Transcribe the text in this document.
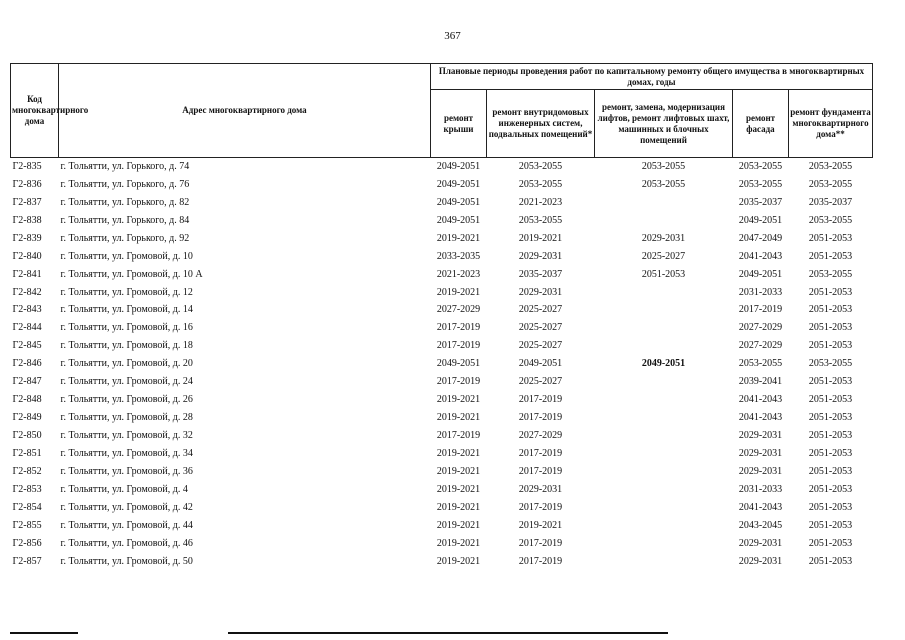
367
Код многоквартирного дома	Адрес многоквартирного дома	Плановые периоды проведения работ по капитальному ремонту общего имущества в многоквартирных домах, годы				
		ремонт крыши	ремонт внутридомовых инженерных систем, подвальных помещений*	ремонт, замена, модернизация лифтов, ремонт лифтовых шахт, машинных и блочных помещений	ремонт фасада	ремонт фундамента многоквартирного дома**
Г2-835	г. Тольятти, ул. Горького, д. 74	2049-2051	2053-2055	2053-2055	2053-2055	2053-2055
Г2-836	г. Тольятти, ул. Горького, д. 76	2049-2051	2053-2055	2053-2055	2053-2055	2053-2055
Г2-837	г. Тольятти, ул. Горького, д. 82	2049-2051	2021-2023		2035-2037	2035-2037
Г2-838	г. Тольятти, ул. Горького, д. 84	2049-2051	2053-2055		2049-2051	2053-2055
Г2-839	г. Тольятти, ул. Горького, д. 92	2019-2021	2019-2021	2029-2031	2047-2049	2051-2053
Г2-840	г. Тольятти, ул. Громовой, д. 10	2033-2035	2029-2031	2025-2027	2041-2043	2051-2053
Г2-841	г. Тольятти, ул. Громовой, д. 10 А	2021-2023	2035-2037	2051-2053	2049-2051	2053-2055
Г2-842	г. Тольятти, ул. Громовой, д. 12	2019-2021	2029-2031		2031-2033	2051-2053
Г2-843	г. Тольятти, ул. Громовой, д. 14	2027-2029	2025-2027		2017-2019	2051-2053
Г2-844	г. Тольятти, ул. Громовой, д. 16	2017-2019	2025-2027		2027-2029	2051-2053
Г2-845	г. Тольятти, ул. Громовой, д. 18	2017-2019	2025-2027		2027-2029	2051-2053
Г2-846	г. Тольятти, ул. Громовой, д. 20	2049-2051	2049-2051	2049-2051	2053-2055	2053-2055
Г2-847	г. Тольятти, ул. Громовой, д. 24	2017-2019	2025-2027		2039-2041	2051-2053
Г2-848	г. Тольятти, ул. Громовой, д. 26	2019-2021	2017-2019		2041-2043	2051-2053
Г2-849	г. Тольятти, ул. Громовой, д. 28	2019-2021	2017-2019		2041-2043	2051-2053
Г2-850	г. Тольятти, ул. Громовой, д. 32	2017-2019	2027-2029		2029-2031	2051-2053
Г2-851	г. Тольятти, ул. Громовой, д. 34	2019-2021	2017-2019		2029-2031	2051-2053
Г2-852	г. Тольятти, ул. Громовой, д. 36	2019-2021	2017-2019		2029-2031	2051-2053
Г2-853	г. Тольятти, ул. Громовой, д. 4	2019-2021	2029-2031		2031-2033	2051-2053
Г2-854	г. Тольятти, ул. Громовой, д. 42	2019-2021	2017-2019		2041-2043	2051-2053
Г2-855	г. Тольятти, ул. Громовой, д. 44	2019-2021	2019-2021		2043-2045	2051-2053
Г2-856	г. Тольятти, ул. Громовой, д. 46	2019-2021	2017-2019		2029-2031	2051-2053
Г2-857	г. Тольятти, ул. Громовой, д. 50	2019-2021	2017-2019		2029-2031	2051-2053
